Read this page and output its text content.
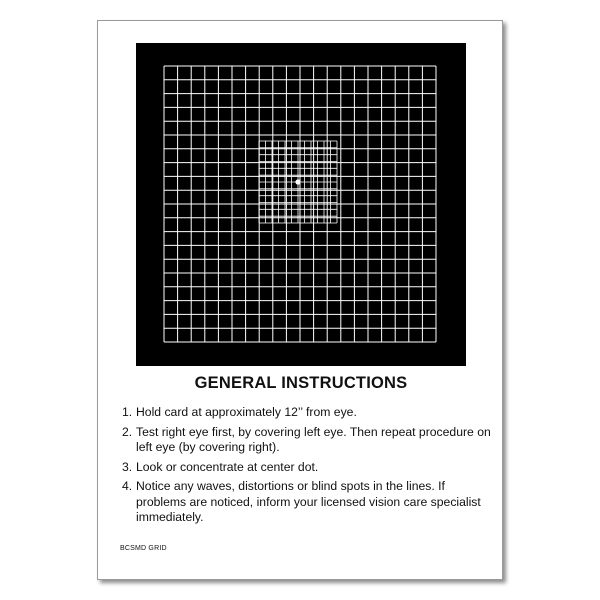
GENERAL INSTRUCTIONS
1. Hold card at approximately 12’’ from eye.
2. Test right eye first, by covering left eye. Then repeat procedure on left eye (by covering right).
3. Look or concentrate at center dot.
4. Notice any waves, distortions or blind spots in the lines. If problems are noticed, inform your licensed vision care specialist immediately.
BCSMD GRID
